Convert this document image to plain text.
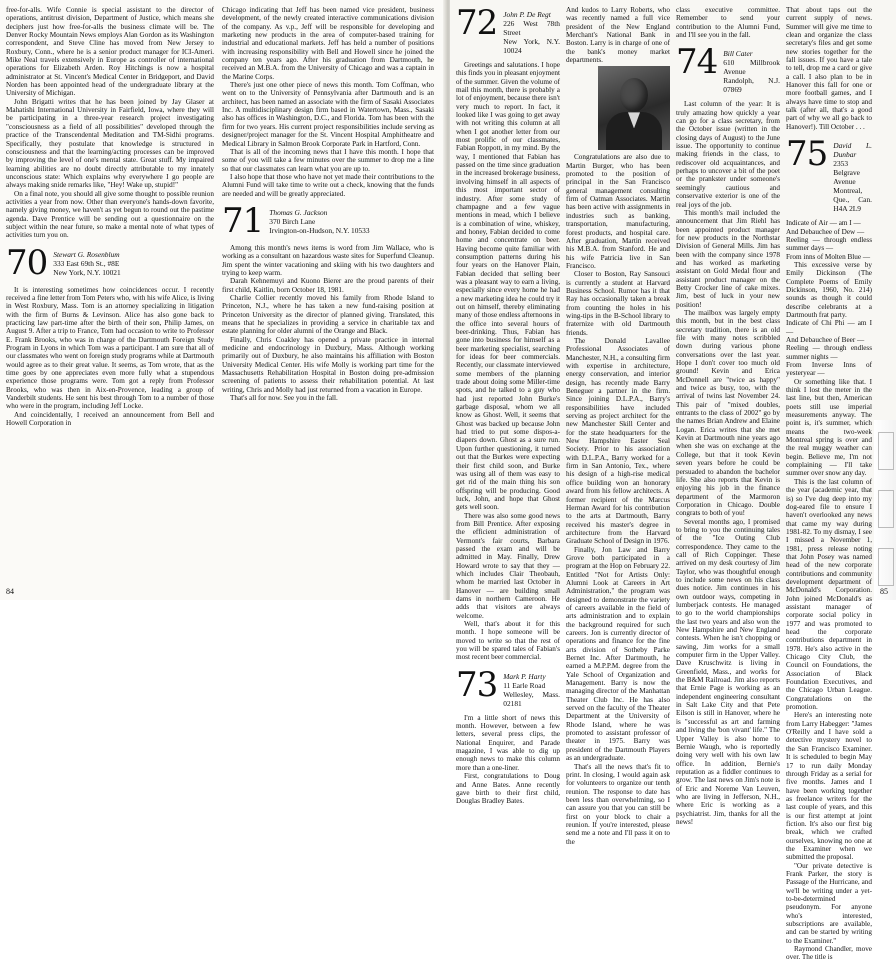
free-for-alls. Wife Connie is special assistant to the director of operations, antitrust division, Department of Justice, which means she deciphers just how free-for-alls the business climate will be. The Denver Rocky Mountain News employs Alan Gordon as its Washington correspondent, and Steve Cline has moved from New Jersey to Roxbury, Conn., where he is a senior product manager for ICI-Ameri. Mike Neal travels extensively in Europe as controller of international operations for Elizabeth Arden. Roy Hitchings is now a hospital administrator at St. Vincent's Medical Center in Bridgeport, and David Norden has been appointed head of the undergraduate library at the University of Michigan.

John Brigatti writes that he has been joined by Jay Glaser at Mahatishi International University in Fairfield, Iowa, where they will be participating in a three-year research project investigating "consciousness as a field of all possibilities" developed through the practice of the Transcendental Meditation and TM-Sidhi programs. Specifically, they postulate that knowledge is structured in consciousness and that the learning/acting processes can be improved by improving the level of one's mental state. Great stuff. My impaired learning abilities are no doubt directly attributable to my innately unconscious state: Which explains why everywhere I go people are always making snide remarks like, "Hey! Wake up, stupid!"

On a final note, you should all give some thought to possible reunion activities a year from now. Other than everyone's hands-down favorite, namely giving money, we haven't as yet begun to round out the pastime agenda. Dave Prentice will be sending out a questionnaire on the subject within the near future, so make a mental note of what types of activities turn you on.

70 Stewart G. Rosenblum
333 East 69th St., #8E
New York, N.Y. 10021

It is interesting sometimes how coincidences occur. I recently received a fine letter from Tom Peters who, with his wife Alice, is living in West Roxbury, Mass. Tom is an attorney specializing in litigation with the firm of Burns & Levinson. Alice has also gone back to practicing law part-time after the birth of their son, Philip James, on August 9. After a trip to France, Tom had occasion to write to Professor E. Frank Brooks, who was in charge of the Dartmouth Foreign Study Program in Lyons in which Tom was a participant. I am sure that all of our classmates who went on foreign study programs while at Dartmouth would agree as to their great value. It seems, as Tom wrote, that as the time goes by one appreciates even more fully what a stupendous experience those programs were. Tom got a reply from Professor Brooks, who was then in Aix-en-Provence, leading a group of Vanderbilt students. He sent his best through Tom to a number of those who were in the program, including Jeff Locke.

And coincidentally, I received an announcement from Bell and Howell Corporation in

Chicago indicating that Jeff has been named vice president, business development, of the newly created interactive communications division of the company. As v.p., Jeff will be responsible for developing and marketing new products in the area of computer-based training for industrial and educational markets. Jeff has held a number of positions with increasing responsibility with Bell and Howell since he joined the company ten years ago. After his graduation from Dartmouth, he received an M.B.A. from the University of Chicago and was a captain in the Marine Corps.

There's just one other piece of news this month. Tom Coffman, who went on to the University of Pennsylvania after Dartmouth and is an architect, has been named an associate with the firm of Sasaki Associates Inc. A multidisciplinary design firm based in Watertown, Mass., Sasaki also has offices in Washington, D.C., and Florida. Tom has been with the firm for two years. His current project responsibilities include serving as designer/project manager for the St. Vincent Hospital Amphitheatre and Medical Library in Salmon Brook Corporate Park in Hartford, Conn.

That is all of the incoming news that I have this month. I hope that some of you will take a few minutes over the summer to drop me a line so that our classmates can learn what you are up to.

I also hope that those who have not yet made their contributions to the Alumni Fund will take time to write out a check, knowing that the funds are needed and will be greatly appreciated.

71 Thomas G. Jackson
370 Birch Lane
Irvington-on-Hudson, N.Y. 10533

Among this month's news items is word from Jim Wallace, who is working as a consultant on hazardous waste sites for Superfund Cleanup. Jim spent the winter vacationing and skiing with his two daughters and trying to keep warm.

Darah Kehnemuyi and Kuono Bierer are the proud parents of their first child, Kaitlin, born October 18, 1981.

Charlie Collier recently moved his family from Rhode Island to Princeton, N.J., where he has taken a new fund-raising position at Princeton University as the director of planned giving. Translated, this means that he specializes in providing a service in charitable tax and estate planning for older alumni of the Orange and Black.

Finally, Chris Coakley has opened a private practice in internal medicine and endocrinology in Duxbury, Mass. Although working primarily out of Duxbury, he also maintains his affiliation with Boston University Medical Center. His wife Molly is working part time for the Massachusetts Rehabilitation Hospital in Boston doing pre-admission screening of patients to assess their rehabilitation potential. At last writing, Chris and Molly had just returned from a vacation in Europe.

That's all for now. See you in the fall.

84
72 John P. De Regt
226 West 78th Street
New York, N.Y. 10024

Greetings and salutations. I hope this finds you in pleasant enjoyment of the summer. Given the volume of mail this month, there is probably a lot of enjoyment, because there isn't very much to report. In fact, it looked like I was going to get away with not writing this column at all when I got another letter from our most prolific of our classmates, Fabian Roppott, in my mind. By the way, I mentioned that Fabian has passed on the time since graduation in the increased brokerage business, involving himself in all aspects of this most important sector of industry. After some study of champagne and a few vague mentions in mead, which I believe is a combination of wine, whiskey, and honey, Fabian decided to come home and concentrate on beer. Having become quite familiar with consumption patterns during his four years on the Hanover Plain, Fabian decided that selling beer was a pleasant way to earn a living, especially since every home he had a new marketing idea he could try it out on himself, thereby eliminating many of those endless afternoons in the office into several hours of beer-drinking. Thus, Fabian has gone into business for himself as a beer marketing specialist, searching for ideas for beer commercials. Recently, our classmate interviewed some members of the planning trade about doing some Miller-time spots, and he talked to a guy who had just reported John Burke's garbage disposal, whom we all know as Ghost. Well, it seems that Ghost was backed up because John had tried to put some dispos-a-diapers down. Ghost as a sure run. Upon further questioning, it turned out that the Burkes were expecting their first child soon, and Burke was using all of them was easy to get rid of the main thing his son offspring will be producing. Good luck, John, and hope that Ghost gets well soon.

There was also some good news from Bill Prentice. After exposing the efficient administration of Vermont's fair courts, Barbara passed the exam and will be admitted in May. Finally, Drew Howard wrote to say that they — which includes Clair Theobauh, whom he married last October in Hanover — are building small dams in northern Cameroon. He adds that visitors are always welcome.

Well, that's about it for this month. I hope someone will be moved to write so that the rest of you will be spared tales of Fabian's most recent beer commercial.

73 Mark P. Harty
11 Earle Road
Wellesley, Mass. 02181

I'm a little short of news this month. However, between a few letters, several press clips, the National Enquirer, and Parade magazine, I was able to dig up enough news to make this column more than a one-liner.

First, congratulations to Doug and Anne Bates. Anne recently gave birth to their first child, Douglas Bradley Bates.

And kudos to Larry Roberts, who was recently named a full vice president of the New England Merchant's National Bank in Boston. Larry is in charge of one of the bank's money market departments.

Congratulations are also due to Martin Burger, who has been promoted to the position of principal in the San Francisco general management consulting firm of Oatman Associates. Martin has been active with assignments in industries such as banking, transportation, manufacturing, forest products, and hospital care. After graduation, Martin received his M.B.A. from Stanford. He and his wife Patricia live in San Francisco.

Closer to Boston, Ray Sansouci is currently a student at Harvard Business School. Rumor has it that Ray has occasionally taken a break from counting the holes in his wing-tips in the B-School library to fraternize with old Dartmouth friends.

The Donald Lavallee Professional Associates of Manchester, N.H., a consulting firm with expertise in architecture, energy conservation, and interior design, has recently made Barry Beneguer a partner in the firm. Since joining D.L.P.A., Barry's responsibilities have included serving as project architect for the new Manchester Skill Center and for the state headquarters for the New Hampshire Easter Seal Society. Prior to his association with D.L.P.A., Barry worked for a firm in San Antonio, Tex., where his design of a high-rise medical office building won an honorary award from his fellow architects. A former recipient of the Marcus Herman Award for his contribution to the arts at Dartmouth, Barry received his master's degree in architecture from the Harvard Graduate School of Design in 1976.

Finally, Jon Law and Barry Grove both participated in a program at the Hop on February 22. Entitled "Not for Artists Only: Alumni Look at Careers in Art Administration," the program was designed to demonstrate the variety of careers available in the field of arts administration and to explain the background required for such careers. Jon is currently director of operations and finance for the fine arts division of Sotheby Parke Bernet Inc. After Dartmouth, he earned a M.P.P.M. degree from the Yale School of Organization and Management. Barry is now the managing director of the Manhattan Theater Club Inc. He has also served on the faculty of the Theater Department at the University of Rhode Island, where he was promoted to assistant professor of theater in 1975. Barry was president of the Dartmouth Players as an undergraduate.

That's all the news that's fit to print. In closing, I would again ask for volunteers to organize our tenth reunion. The response to date has been less than overwhelming, so I can assure you that you can still be first on your block to chair a reunion. If you're interested, please send me a note and I'll pass it on to the

class executive committee. Remember to send your contribution to the Alumni Fund, and I'll see you in the fall.

74 Bill Cater
610 Millbrook Avenue
Randolph, N.J. 07869

Last column of the year: It is truly amazing how quickly a year can go for a class secretary, from the October issue (written in the closing days of August) to the June issue. The opportunity to continue making friends in the class, to rediscover old acquaintances, and perhaps to uncover a bit of the poet or the prankster under someone's seemingly cautious and conservative exterior is one of the real joys of the job.

This month's mail included the announcement that Jim Riehl has been appointed product manager for new products in the Northstar Division of General Mills. Jim has been with the company since 1978 and has worked as marketing assistant on Gold Medal flour and assistant product manager on the Betty Crocker line of cake mixes. Jim, best of luck in your new position!

The mailbox was largely empty this month, but in the best class secretary tradition, there is an old file with many notes scribbled down during various phone conversations over the last year. Hope I don't cover too much old ground! Kevin and Erica McDonnell are "twice as happy" and twice as busy, too, with the arrival of twins last November 24. This pair of "mixed doubles, entrants to the class of 2002" go by the names Brian Andrew and Elaine Logan. Erica writes that she met Kevin at Dartmouth nine years ago when she was on exchange at the College, but that it took Kevin seven years before he could be persuaded to abandon the bachelor life. She also reports that Kevin is enjoying his job in the finance department of the Marmoron Corporation in Chicago. Double congrats to both of you!

Several months ago, I promised to bring to you the continuing tales of the "Ice Outing Club correspondence. They came to the call of Rich Coppinger. These arrived on my desk courtesy of Jim Taylor, who was thoughtful enough to include some news on his class dues notice. Jim continues in his own outdoor ways, competing in lumberjack contests. He managed to go to the world championships the last two years and also won the New Hampshire and New England contests. When he isn't chopping or sawing, Jim works for a small computer firm in the Upper Valley. Dave Kruschwitz is living in Greenfield, Mass., and works for the B&M Railroad. Jim also reports that Ernie Page is working as an independent engineering consultant in Salt Lake City and that Pete Eilson is still in Hanover, where he is "successful as art and farming and living the 'bon vivant' life." The Upper Valley is also home to Bernie Waugh, who is reportedly doing very well with his own law office. In addition, Bernie's reputation as a fiddler continues to grow. The last news on Jim's note is of Eric and Noreme Van Leuven, who are living in Jefferson, N.H., where Eric is working as a psychiatrist. Jim, thanks for all the news!

That about taps out the current supply of news. Summer will give me time to clean and organize the class secretary's files and get some new stories together for the fall issues. If you have a tale to tell, drop me a card or give a call. I also plan to be in Hanover this fall for one or more football games, and I always have time to stop and talk (after all, that's a good part of why we all go back to Hanover!). Till October . . .

75 David L. Dunbar
2353 Belgrave Avenue
Montreal, Que., Can. H4A 2L9

Indicate of Air — am I —

And Debauchee of Dew —

Reeling — through endless summer days —

From inns of Molten Blue —

This excessive verse by Emily Dickinson (The Complete Poems of Emily Dickinson, 1960, No. 214) sounds as though it could describe celebrants at a Dartmouth frat party.

Indicate of Chi Phi — am I —

And Debauchee of Beer —

Reeling — through endless summer nights —

From Inverse Inns of yesteryear —

Or something like that. I think I lost the meter in the last line, but then, American poets still use imperial measurements anyway. The point is, it's summer, which means the two-week Montreal spring is over and the real muggy weather can begin. Believe me, I'm not complaining — I'll take summer over snow any day.

This is the last column of the year (academic year, that is) so I've dug deep into my dog-eared file to ensure I haven't overlooked any news that came my way during 1981-82. To my dismay, I see I missed a November 1, 1981, press release noting that John Posey was named head of the new corporate contributions and community development department of McDonald's Corporation. John joined McDonald's as assistant manager of corporate social policy in 1977 and was promoted to head the corporate contributions department in 1978. He's also active in the Chicago City Club, the Council on Foundations, the Association of Black Foundation Executives, and the Chicago Urban League. Congratulations on the promotion.

Here's an interesting note from Larry Habegger: "James O'Reilly and I have sold a detective mystery novel to the San Francisco Examiner. It is scheduled to begin May 17 to run daily Monday through Friday as a serial for five months. James and I have been working together as freelance writers for the last couple of years, and this is our first attempt at joint fiction. It's also our first big break, which we crafted ourselves, knowing no one at the Examiner when we submitted the proposal.

"Our private detective is Frank Parker, the story is Passage of the Hurricane, and we'll be writing under a yet-to-be-determined pseudonym. For anyone who's interested, subscriptions are available, and can be started by writing to the Examiner."

Raymond Chandler, move over. The title is

85
